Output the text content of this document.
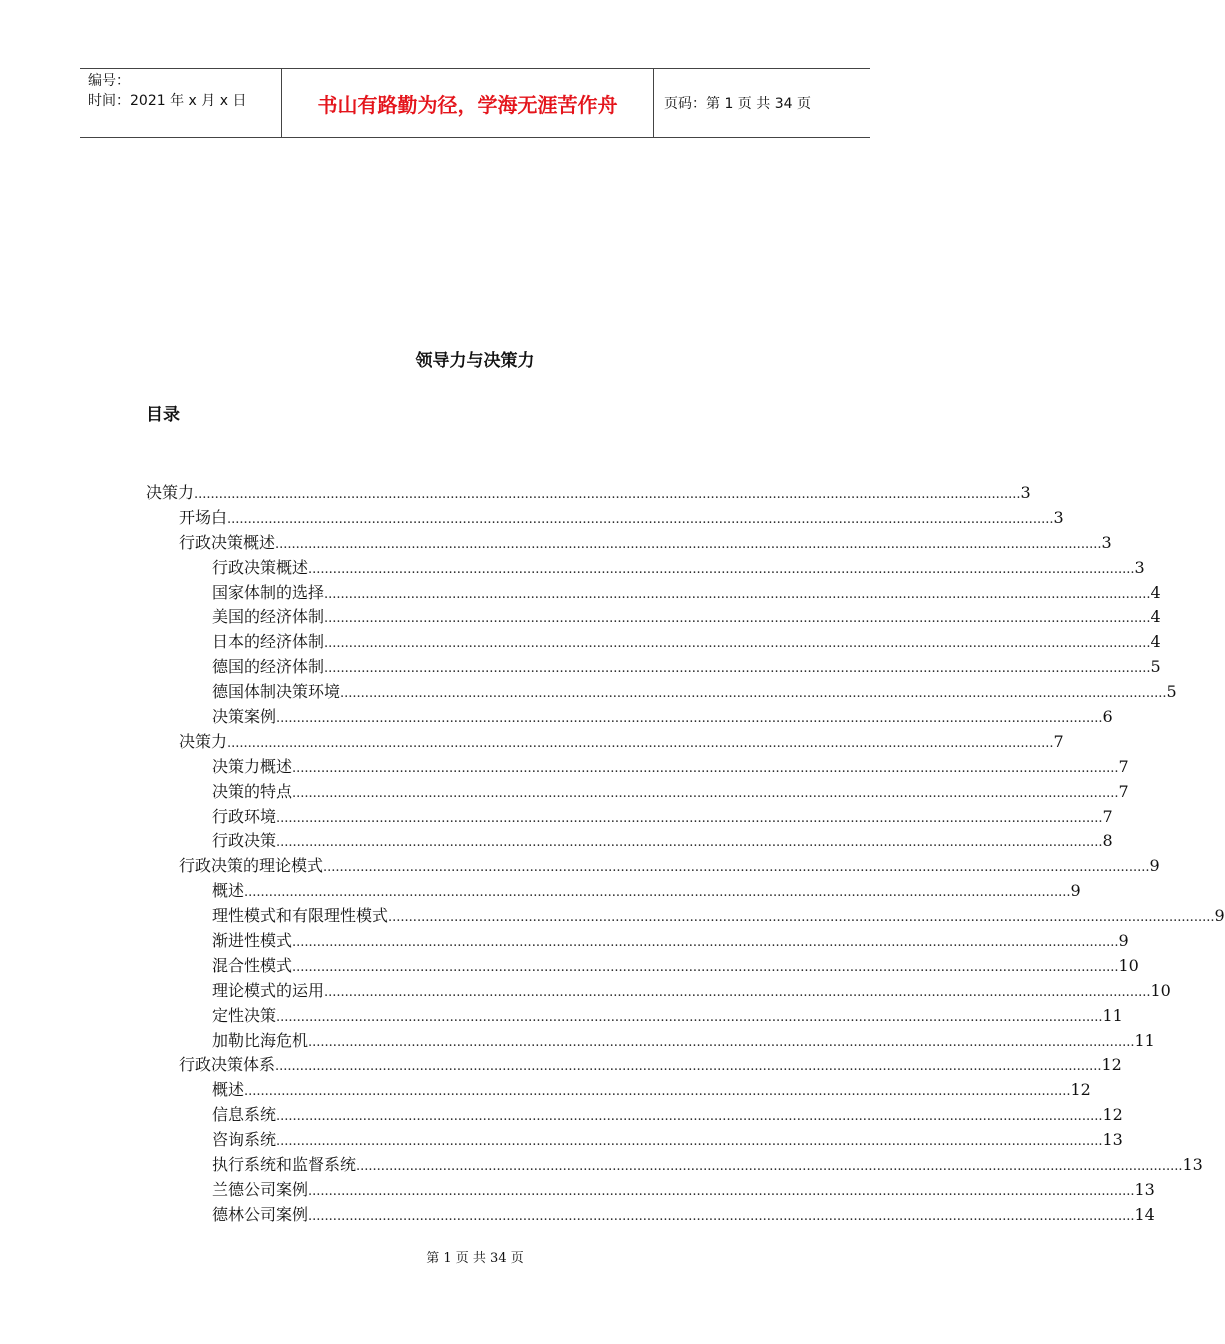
编号：
时间：2021 年 x 月 x 日	书山有路勤为径，学海无涯苦作舟	页码：第 1 页 共 34 页
领导力与决策力
目录
决策力 ........................................................................................................................................................................................................ 3
开场白 ........................................................................................................................................................................................................ 3
行政决策概述 ........................................................................................................................................................................................................ 3
行政决策概述 ........................................................................................................................................................................................................ 3
国家体制的选择 ........................................................................................................................................................................................................ 4
美国的经济体制 ........................................................................................................................................................................................................ 4
日本的经济体制 ........................................................................................................................................................................................................ 4
德国的经济体制 ........................................................................................................................................................................................................ 5
德国体制决策环境 ........................................................................................................................................................................................................ 5
决策案例 ........................................................................................................................................................................................................ 6
决策力 ........................................................................................................................................................................................................ 7
决策力概述 ........................................................................................................................................................................................................ 7
决策的特点 ........................................................................................................................................................................................................ 7
行政环境 ........................................................................................................................................................................................................ 7
行政决策 ........................................................................................................................................................................................................ 8
行政决策的理论模式 ........................................................................................................................................................................................................ 9
概述 ........................................................................................................................................................................................................ 9
理性模式和有限理性模式 ........................................................................................................................................................................................................ 9
渐进性模式 ........................................................................................................................................................................................................ 9
混合性模式 ........................................................................................................................................................................................................ 10
理论模式的运用 ........................................................................................................................................................................................................ 10
定性决策 ........................................................................................................................................................................................................ 11
加勒比海危机 ........................................................................................................................................................................................................ 11
行政决策体系 ........................................................................................................................................................................................................ 12
概述 ........................................................................................................................................................................................................ 12
信息系统 ........................................................................................................................................................................................................ 12
咨询系统 ........................................................................................................................................................................................................ 13
执行系统和监督系统 ........................................................................................................................................................................................................ 13
兰德公司案例 ........................................................................................................................................................................................................ 13
德林公司案例 ........................................................................................................................................................................................................ 14
第 1 页 共 34 页
